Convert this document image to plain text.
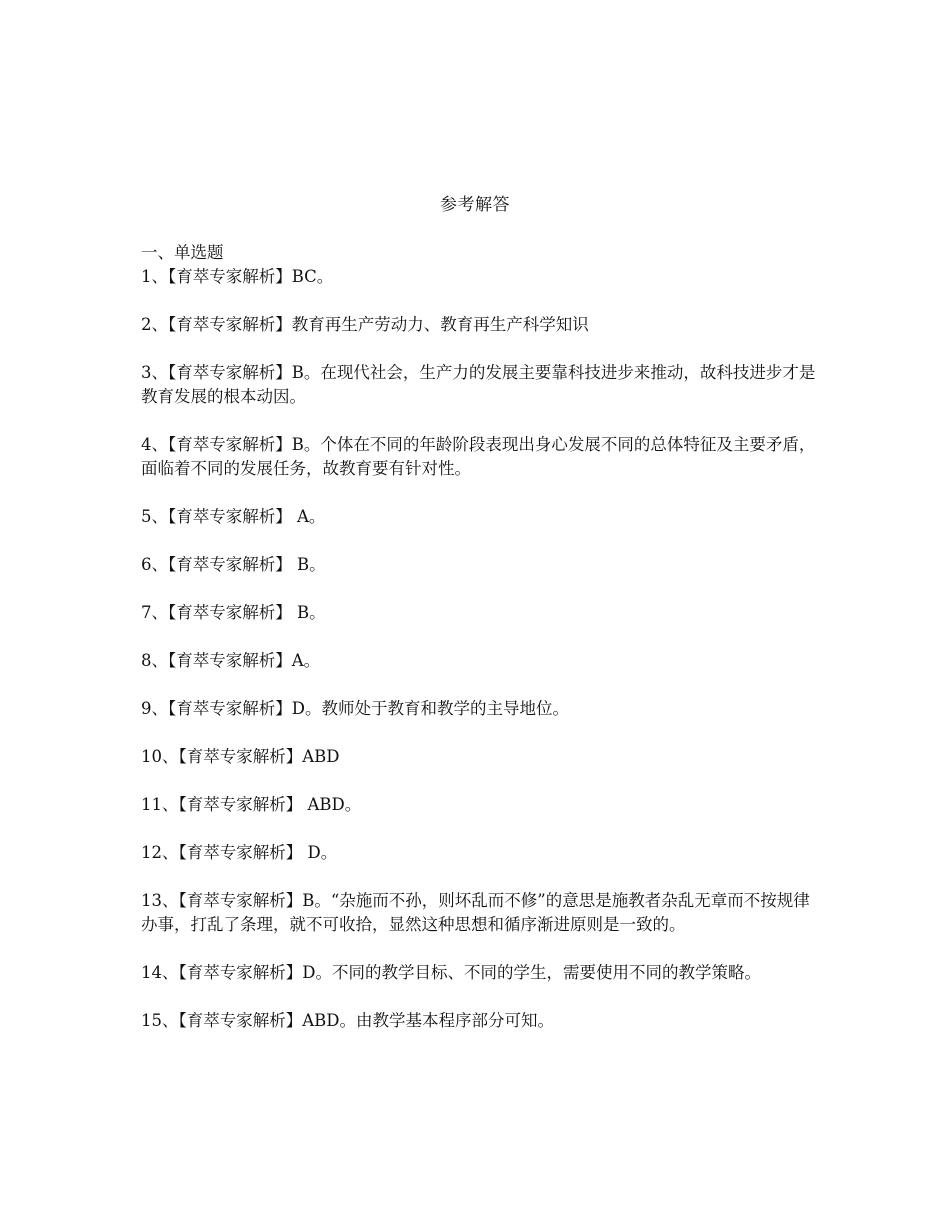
参考解答

一、单选题

1、【育萃专家解析】BC。

2、【育萃专家解析】教育再生产劳动力、教育再生产科学知识

3、【育萃专家解析】B。在现代社会，生产力的发展主要靠科技进步来推动，故科技进步才是教育发展的根本动因。

4、【育萃专家解析】B。个体在不同的年龄阶段表现出身心发展不同的总体特征及主要矛盾，面临着不同的发展任务，故教育要有针对性。

5、【育萃专家解析】 A。

6、【育萃专家解析】 B。

7、【育萃专家解析】 B。

8、【育萃专家解析】A。

9、【育萃专家解析】D。教师处于教育和教学的主导地位。

10、【育萃专家解析】ABD

11、【育萃专家解析】 ABD。

12、【育萃专家解析】 D。

13、【育萃专家解析】B。“杂施而不孙，则坏乱而不修”的意思是施教者杂乱无章而不按规律办事，打乱了条理，就不可收拾，显然这种思想和循序渐进原则是一致的。

14、【育萃专家解析】D。不同的教学目标、不同的学生，需要使用不同的教学策略。

15、【育萃专家解析】ABD。由教学基本程序部分可知。
